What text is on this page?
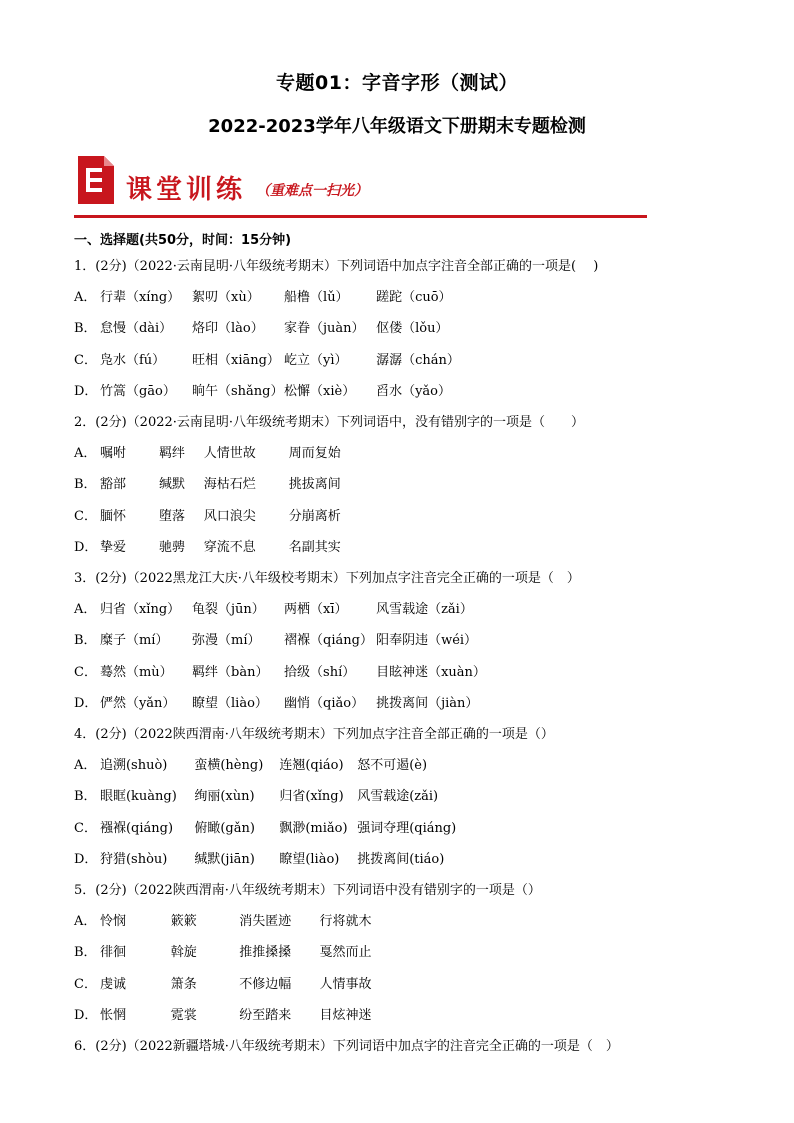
专题01：字音字形（测试）
2022-2023学年八年级语文下册期末专题检测
课堂训练 （重难点一扫光）
一、选择题(共50分，时间：15分钟)
1．(2分)（2022·云南昆明·八年级统考期末）下列词语中加点字注音全部正确的一项是(　 )
A． 行辈（xíng） 絮叨（xù） 船橹（lǔ） 蹉跎（cuō）
B． 怠慢（dài） 烙印（lào） 家眷（juàn） 伛偻（lǒu）
C． 凫水（fú） 旺相（xiāng） 屹立（yì） 潺潺（chán）
D． 竹篙（gāo） 晌午（shǎng） 松懈（xiè） 舀水（yǎo）
2．(2分)（2022·云南昆明·八年级统考期末）下列词语中，没有错别字的一项是（　　）
A． 嘱咐	羁绊 人情世故	周而复始
B． 豁部	缄默 海枯石烂	挑拔离间
C． 腼怀	堕落 风口浪尖	分崩离析
D． 挚爱	驰骋 穿流不息	名副其实
3．(2分)（2022黑龙江大庆·八年级校考期末）下列加点字注音完全正确的一项是（　）
A． 归省（xǐng） 龟裂（jūn） 两栖（xī） 风雪载途（zǎi）
B． 糜子（mí） 弥漫（mí） 褶褓（qiáng） 阳奉阴违（wéi）
C． 蓦然（mù） 羁绊（bàn） 拾级（shí） 目眩神迷（xuàn）
D． 俨然（yǎn） 瞭望（liào） 幽悄（qiǎo） 挑拨离间（jiàn）
4．(2分)（2022陕西渭南·八年级统考期末）下列加点字注音全部正确的一项是（）
A． 追溯(shuò) 蛮横(hèng) 连翘(qiáo) 怒不可遏(è)
B． 眼眶(kuàng) 绚丽(xùn) 归省(xǐng) 风雪载途(zǎi)
C． 襁褓(qiáng) 俯瞰(gǎn) 飘渺(miǎo) 强词夺理(qiáng)
D． 狩猎(shòu) 缄默(jiān) 瞭望(liào) 挑拨离间(tiáo)
5．(2分)（2022陕西渭南·八年级统考期末）下列词语中没有错别字的一项是（）
A． 怜悯	簌簌	消失匿迹 行将就木
B． 徘徊	斡旋	推推搡搡 戛然而止
C． 虔诚	箫条	不修边幅 人情事故
D． 怅惘	霓裳	纷至踏来 目炫神迷
6．(2分)（2022新疆塔城·八年级统考期末）下列词语中加点字的注音完全正确的一项是（　）
